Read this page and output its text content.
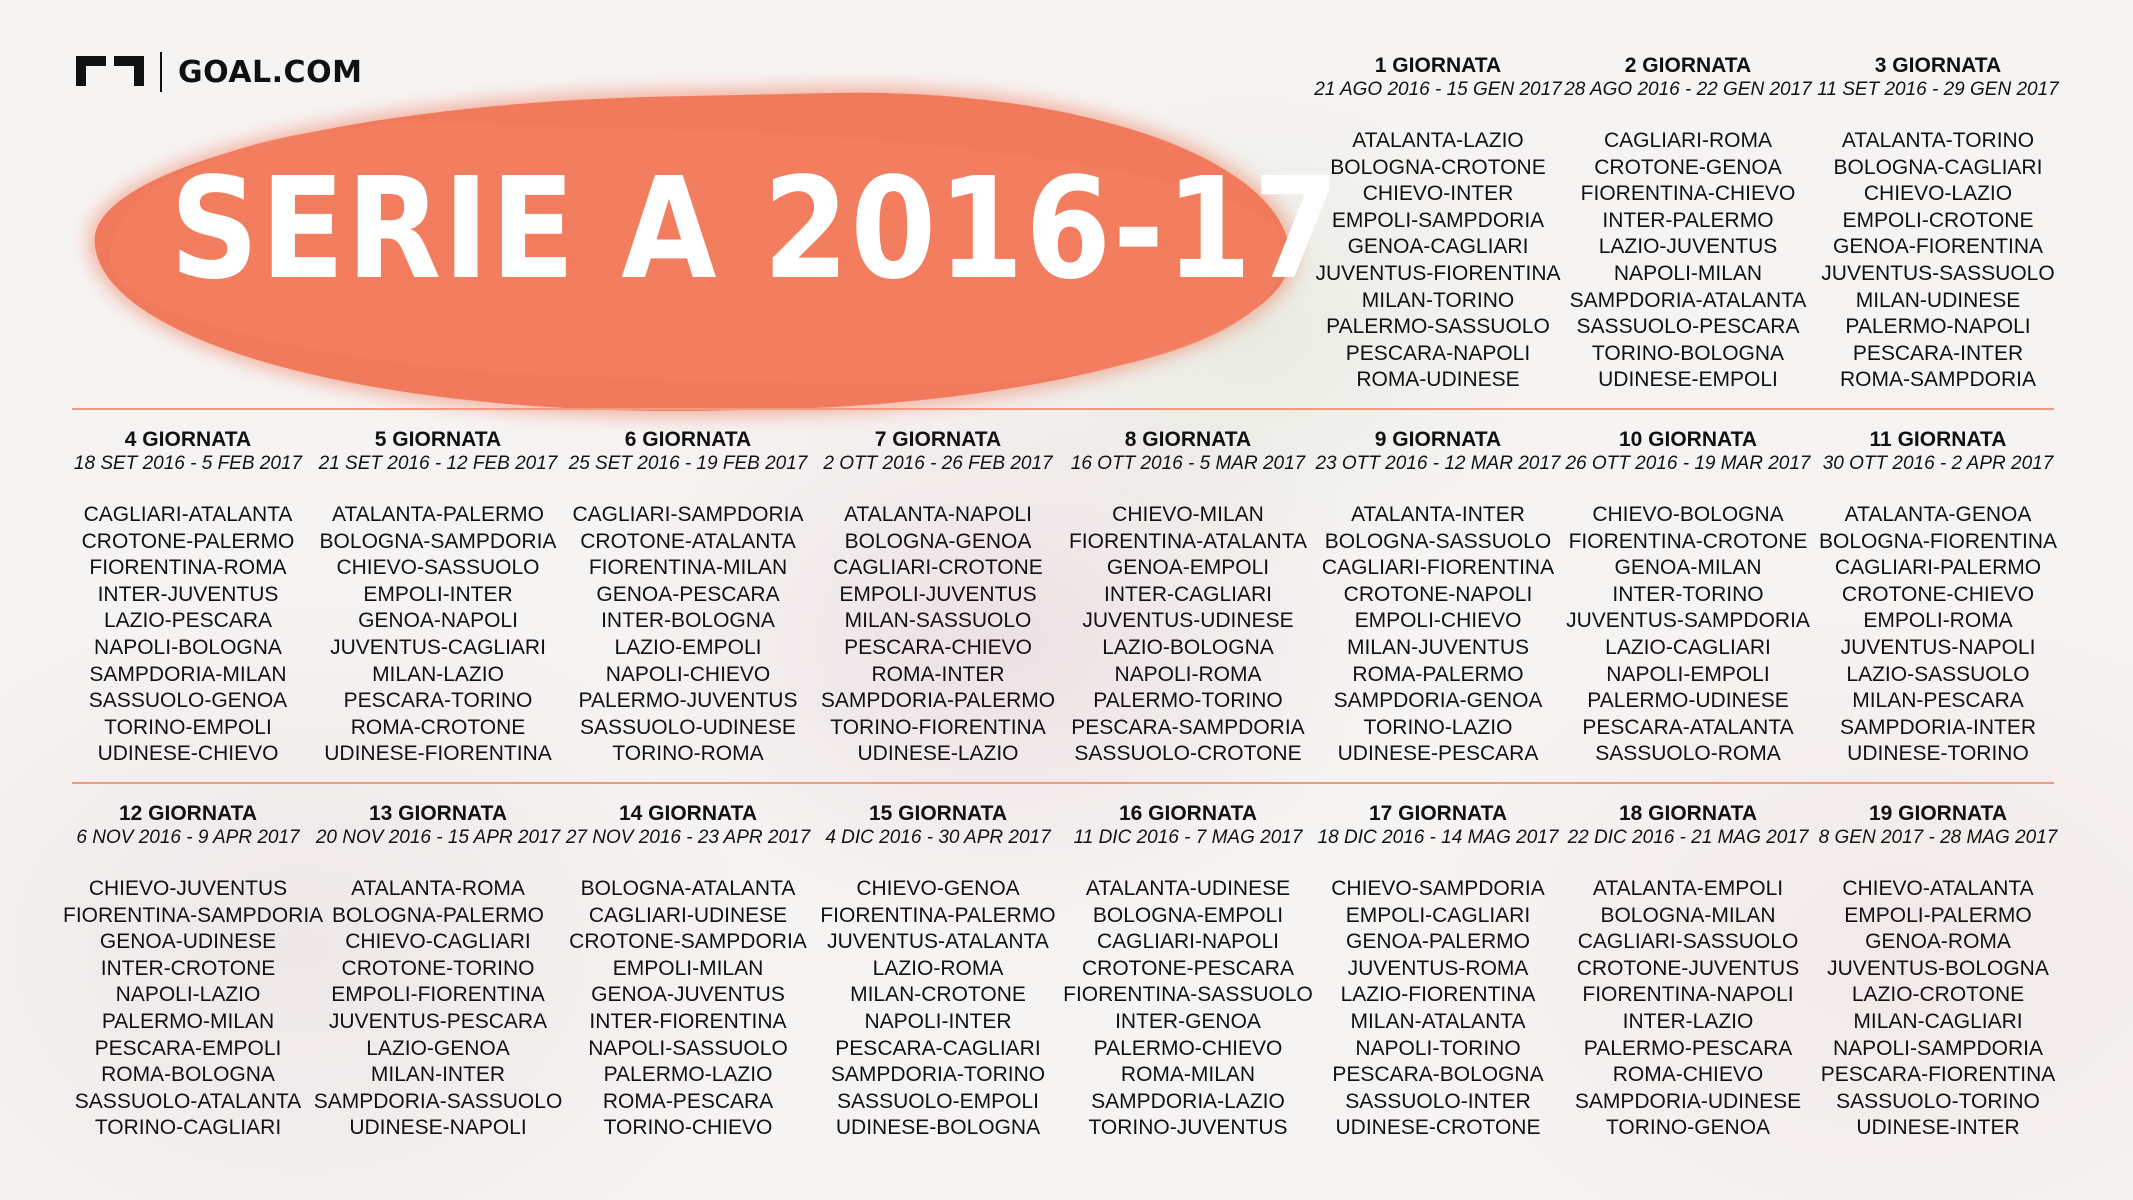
GOAL.COM
SERIE A 2016-17
1 GIORNATA
21 AGO 2016 - 15 GEN 2017
ATALANTA-LAZIO
BOLOGNA-CROTONE
CHIEVO-INTER
EMPOLI-SAMPDORIA
GENOA-CAGLIARI
JUVENTUS-FIORENTINA
MILAN-TORINO
PALERMO-SASSUOLO
PESCARA-NAPOLI
ROMA-UDINESE
2 GIORNATA
28 AGO 2016 - 22 GEN 2017
CAGLIARI-ROMA
CROTONE-GENOA
FIORENTINA-CHIEVO
INTER-PALERMO
LAZIO-JUVENTUS
NAPOLI-MILAN
SAMPDORIA-ATALANTA
SASSUOLO-PESCARA
TORINO-BOLOGNA
UDINESE-EMPOLI
3 GIORNATA
11 SET 2016 - 29 GEN 2017
ATALANTA-TORINO
BOLOGNA-CAGLIARI
CHIEVO-LAZIO
EMPOLI-CROTONE
GENOA-FIORENTINA
JUVENTUS-SASSUOLO
MILAN-UDINESE
PALERMO-NAPOLI
PESCARA-INTER
ROMA-SAMPDORIA
4 GIORNATA
18 SET 2016 - 5 FEB 2017
CAGLIARI-ATALANTA
CROTONE-PALERMO
FIORENTINA-ROMA
INTER-JUVENTUS
LAZIO-PESCARA
NAPOLI-BOLOGNA
SAMPDORIA-MILAN
SASSUOLO-GENOA
TORINO-EMPOLI
UDINESE-CHIEVO
5 GIORNATA
21 SET 2016 - 12 FEB 2017
ATALANTA-PALERMO
BOLOGNA-SAMPDORIA
CHIEVO-SASSUOLO
EMPOLI-INTER
GENOA-NAPOLI
JUVENTUS-CAGLIARI
MILAN-LAZIO
PESCARA-TORINO
ROMA-CROTONE
UDINESE-FIORENTINA
6 GIORNATA
25 SET 2016 - 19 FEB 2017
CAGLIARI-SAMPDORIA
CROTONE-ATALANTA
FIORENTINA-MILAN
GENOA-PESCARA
INTER-BOLOGNA
LAZIO-EMPOLI
NAPOLI-CHIEVO
PALERMO-JUVENTUS
SASSUOLO-UDINESE
TORINO-ROMA
7 GIORNATA
2 OTT 2016 - 26 FEB 2017
ATALANTA-NAPOLI
BOLOGNA-GENOA
CAGLIARI-CROTONE
EMPOLI-JUVENTUS
MILAN-SASSUOLO
PESCARA-CHIEVO
ROMA-INTER
SAMPDORIA-PALERMO
TORINO-FIORENTINA
UDINESE-LAZIO
8 GIORNATA
16 OTT 2016 - 5 MAR 2017
CHIEVO-MILAN
FIORENTINA-ATALANTA
GENOA-EMPOLI
INTER-CAGLIARI
JUVENTUS-UDINESE
LAZIO-BOLOGNA
NAPOLI-ROMA
PALERMO-TORINO
PESCARA-SAMPDORIA
SASSUOLO-CROTONE
9 GIORNATA
23 OTT 2016 - 12 MAR 2017
ATALANTA-INTER
BOLOGNA-SASSUOLO
CAGLIARI-FIORENTINA
CROTONE-NAPOLI
EMPOLI-CHIEVO
MILAN-JUVENTUS
ROMA-PALERMO
SAMPDORIA-GENOA
TORINO-LAZIO
UDINESE-PESCARA
10 GIORNATA
26 OTT 2016 - 19 MAR 2017
CHIEVO-BOLOGNA
FIORENTINA-CROTONE
GENOA-MILAN
INTER-TORINO
JUVENTUS-SAMPDORIA
LAZIO-CAGLIARI
NAPOLI-EMPOLI
PALERMO-UDINESE
PESCARA-ATALANTA
SASSUOLO-ROMA
11 GIORNATA
30 OTT 2016 - 2 APR 2017
ATALANTA-GENOA
BOLOGNA-FIORENTINA
CAGLIARI-PALERMO
CROTONE-CHIEVO
EMPOLI-ROMA
JUVENTUS-NAPOLI
LAZIO-SASSUOLO
MILAN-PESCARA
SAMPDORIA-INTER
UDINESE-TORINO
12 GIORNATA
6 NOV 2016 - 9 APR 2017
CHIEVO-JUVENTUS
FIORENTINA-SAMPDORIA
GENOA-UDINESE
INTER-CROTONE
NAPOLI-LAZIO
PALERMO-MILAN
PESCARA-EMPOLI
ROMA-BOLOGNA
SASSUOLO-ATALANTA
TORINO-CAGLIARI
13 GIORNATA
20 NOV 2016 - 15 APR 2017
ATALANTA-ROMA
BOLOGNA-PALERMO
CHIEVO-CAGLIARI
CROTONE-TORINO
EMPOLI-FIORENTINA
JUVENTUS-PESCARA
LAZIO-GENOA
MILAN-INTER
SAMPDORIA-SASSUOLO
UDINESE-NAPOLI
14 GIORNATA
27 NOV 2016 - 23 APR 2017
BOLOGNA-ATALANTA
CAGLIARI-UDINESE
CROTONE-SAMPDORIA
EMPOLI-MILAN
GENOA-JUVENTUS
INTER-FIORENTINA
NAPOLI-SASSUOLO
PALERMO-LAZIO
ROMA-PESCARA
TORINO-CHIEVO
15 GIORNATA
4 DIC 2016 - 30 APR 2017
CHIEVO-GENOA
FIORENTINA-PALERMO
JUVENTUS-ATALANTA
LAZIO-ROMA
MILAN-CROTONE
NAPOLI-INTER
PESCARA-CAGLIARI
SAMPDORIA-TORINO
SASSUOLO-EMPOLI
UDINESE-BOLOGNA
16 GIORNATA
11 DIC 2016 - 7 MAG 2017
ATALANTA-UDINESE
BOLOGNA-EMPOLI
CAGLIARI-NAPOLI
CROTONE-PESCARA
FIORENTINA-SASSUOLO
INTER-GENOA
PALERMO-CHIEVO
ROMA-MILAN
SAMPDORIA-LAZIO
TORINO-JUVENTUS
17 GIORNATA
18 DIC 2016 - 14 MAG 2017
CHIEVO-SAMPDORIA
EMPOLI-CAGLIARI
GENOA-PALERMO
JUVENTUS-ROMA
LAZIO-FIORENTINA
MILAN-ATALANTA
NAPOLI-TORINO
PESCARA-BOLOGNA
SASSUOLO-INTER
UDINESE-CROTONE
18 GIORNATA
22 DIC 2016 - 21 MAG 2017
ATALANTA-EMPOLI
BOLOGNA-MILAN
CAGLIARI-SASSUOLO
CROTONE-JUVENTUS
FIORENTINA-NAPOLI
INTER-LAZIO
PALERMO-PESCARA
ROMA-CHIEVO
SAMPDORIA-UDINESE
TORINO-GENOA
19 GIORNATA
8 GEN 2017 - 28 MAG 2017
CHIEVO-ATALANTA
EMPOLI-PALERMO
GENOA-ROMA
JUVENTUS-BOLOGNA
LAZIO-CROTONE
MILAN-CAGLIARI
NAPOLI-SAMPDORIA
PESCARA-FIORENTINA
SASSUOLO-TORINO
UDINESE-INTER
